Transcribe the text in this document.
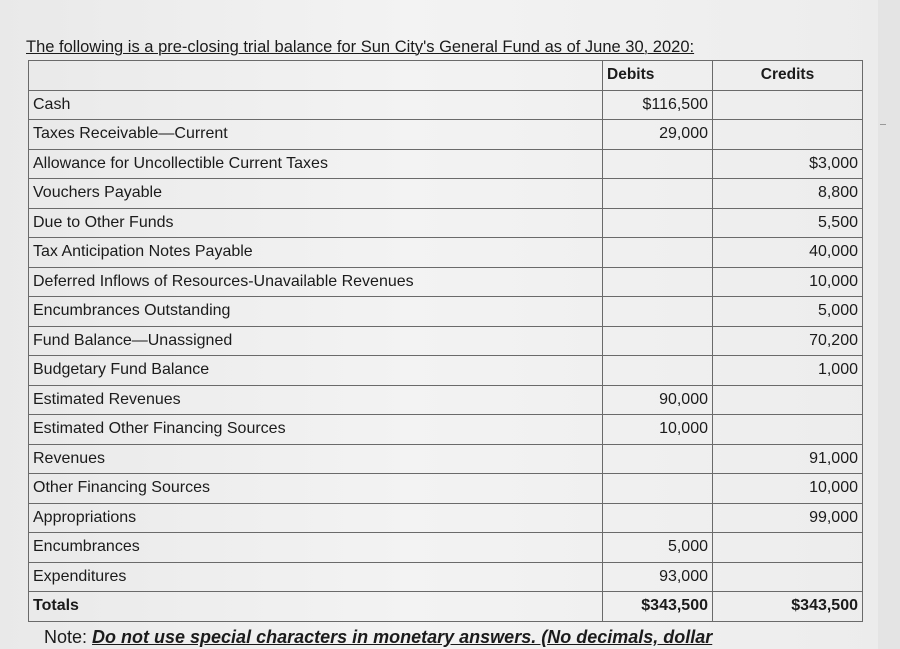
The following is a pre-closing trial balance for Sun City's General Fund as of June 30, 2020:
	Debits	Credits
Cash	$116,500	
Taxes Receivable—Current	29,000	
Allowance for Uncollectible Current Taxes		$3,000
Vouchers Payable		8,800
Due to Other Funds		5,500
Tax Anticipation Notes Payable		40,000
Deferred Inflows of Resources-Unavailable Revenues		10,000
Encumbrances Outstanding		5,000
Fund Balance—Unassigned		70,200
Budgetary Fund Balance		1,000
Estimated Revenues	90,000	
Estimated Other Financing Sources	10,000	
Revenues		91,000
Other Financing Sources		10,000
Appropriations		99,000
Encumbrances	5,000	
Expenditures	93,000	
Totals	$343,500	$343,500
Note: Do not use special characters in monetary answers. (No decimals, dollar
